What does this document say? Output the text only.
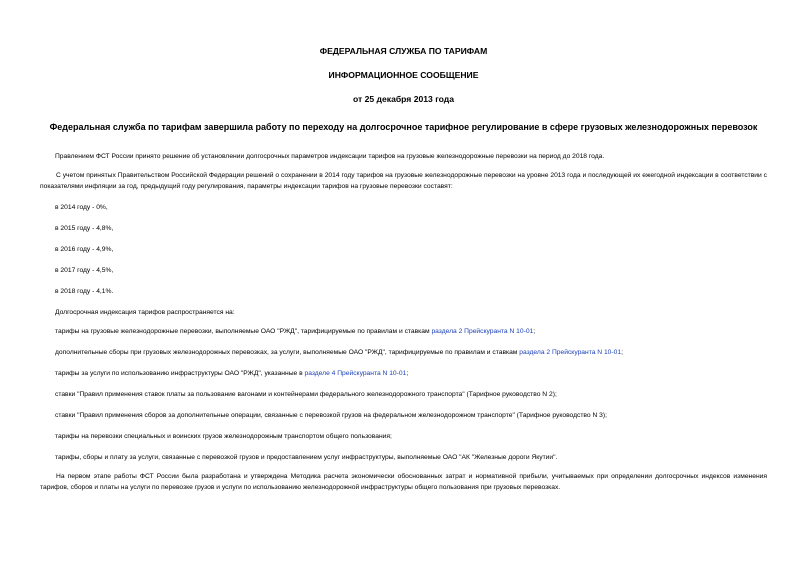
ФЕДЕРАЛЬНАЯ СЛУЖБА ПО ТАРИФАМ
ИНФОРМАЦИОННОЕ СООБЩЕНИЕ
от 25 декабря 2013 года
Федеральная служба по тарифам завершила работу по переходу на долгосрочное тарифное регулирование в сфере грузовых железнодорожных перевозок
Правлением ФСТ России принято решение об установлении долгосрочных параметров индексации тарифов на грузовые железнодорожные перевозки на период до 2018 года.
С учетом принятых Правительством Российской Федерации решений о сохранении в 2014 году тарифов на грузовые железнодорожные перевозки на уровне 2013 года и последующей их ежегодной индексации в соответствии с показателями инфляции за год, предыдущий году регулирования, параметры индексации тарифов на грузовые перевозки составят:
в 2014 году - 0%,
в 2015 году - 4,8%,
в 2016 году - 4,9%,
в 2017 году - 4,5%,
в 2018 году - 4,1%.
Долгосрочная индексация тарифов распространяется на:
тарифы на грузовые железнодорожные перевозки, выполняемые ОАО "РЖД", тарифицируемые по правилам и ставкам раздела 2 Прейскуранта N 10-01;
дополнительные сборы при грузовых железнодорожных перевозках, за услуги, выполняемые ОАО "РЖД", тарифицируемые по правилам и ставкам раздела 2 Прейскуранта N 10-01;
тарифы за услуги по использованию инфраструктуры ОАО "РЖД", указанные в разделе 4 Прейскуранта N 10-01;
ставки "Правил применения ставок платы за пользование вагонами и контейнерами федерального железнодорожного транспорта" (Тарифное руководство N 2);
ставки "Правил применения сборов за дополнительные операции, связанные с перевозкой грузов на федеральном железнодорожном транспорте" (Тарифное руководство N 3);
тарифы на перевозки специальных и воинских грузов железнодорожным транспортом общего пользования;
тарифы, сборы и плату за услуги, связанные с перевозкой грузов и предоставлением услуг инфраструктуры, выполняемые ОАО "АК "Железные дороги Якутии".
На первом этапе работы ФСТ России была разработана и утверждена Методика расчета экономически обоснованных затрат и нормативной прибыли, учитываемых при определении долгосрочных индексов изменения тарифов, сборов и платы на услуги по перевозке грузов и услуги по использованию железнодорожной инфраструктуры общего пользования при грузовых перевозках.
